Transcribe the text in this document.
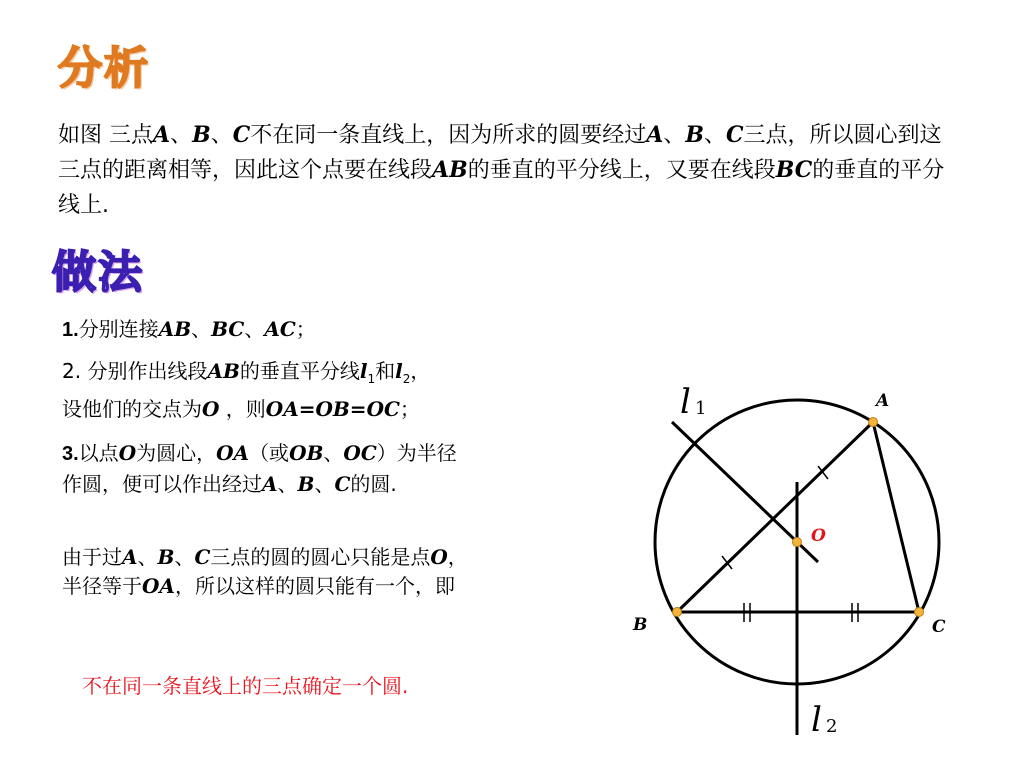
分析
如图 三点A、B、C不在同一条直线上，因为所求的圆要经过A、B、C三点，所以圆心到这三点的距离相等，因此这个点要在线段AB的垂直的平分线上，又要在线段BC的垂直的平分线上.
做法
1.分别连接AB、BC、AC；
2. 分别作出线段AB的垂直平分线$l_1$和$l_2$，
设他们的交点为O ，则OA=OB=OC；
3.以点O为圆心，OA（或OB、OC）为半径
作圆，便可以作出经过A、B、C的圆.
由于过A、B、C三点的圆的圆心只能是点O，
半径等于OA，所以这样的圆只能有一个，即
不在同一条直线上的三点确定一个圆.
A
B	C
O
l 1
l 2
